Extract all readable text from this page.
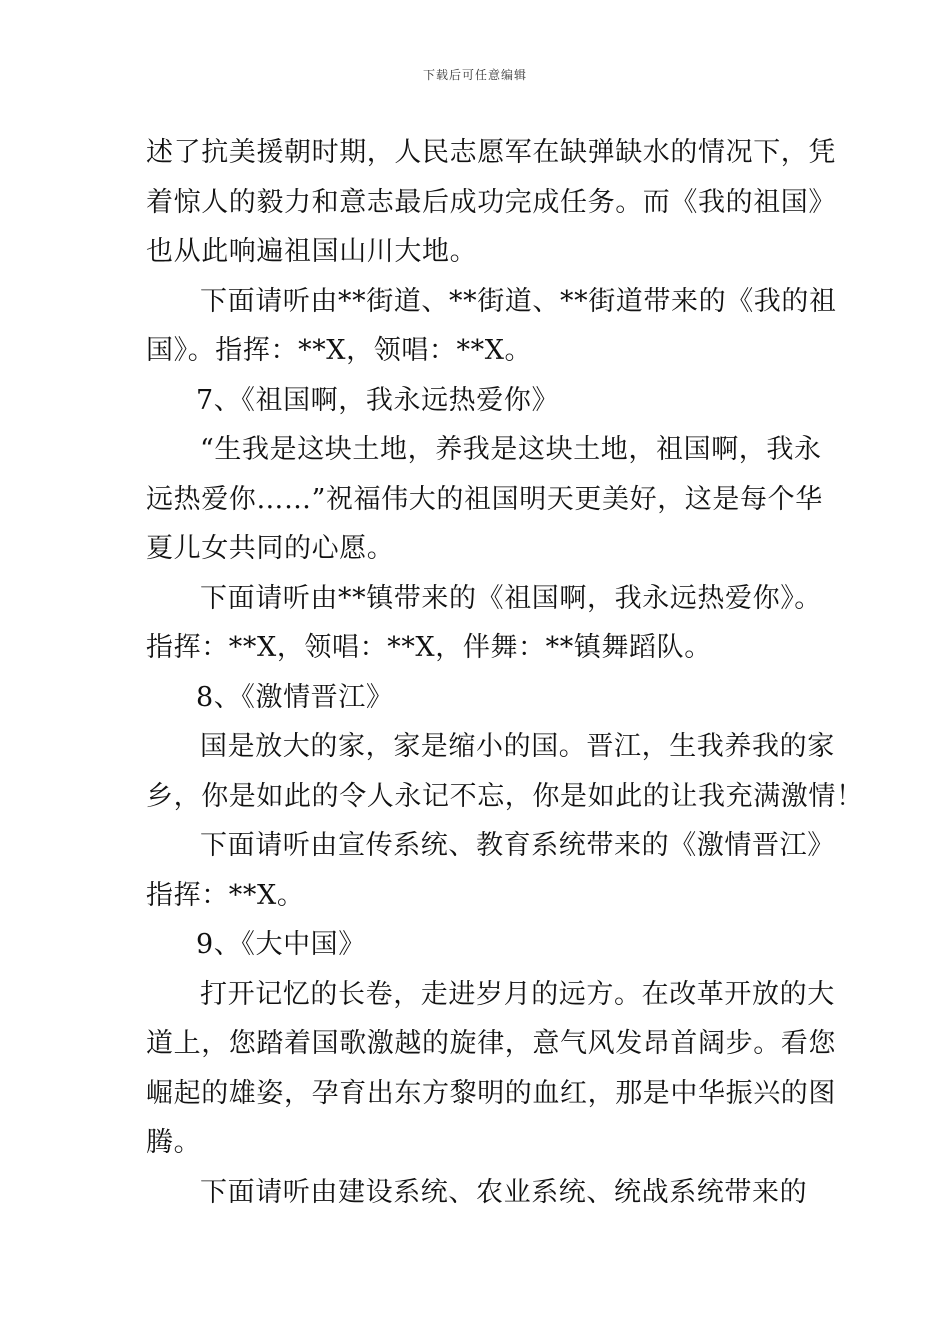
下载后可任意编辑
述了抗美援朝时期，人民志愿军在缺弹缺水的情况下，凭
着惊人的毅力和意志最后成功完成任务。而《我的祖国》
也从此响遍祖国山川大地。
下面请听由**街道、**街道、**街道带来的《我的祖
国》。指挥：**X，领唱：**X。
7、《祖国啊，我永远热爱你》
“生我是这块土地，养我是这块土地，祖国啊，我永
远热爱你……”祝福伟大的祖国明天更美好，这是每个华
夏儿女共同的心愿。
下面请听由**镇带来的《祖国啊，我永远热爱你》。
指挥：**X，领唱：**X，伴舞：**镇舞蹈队。
8、《激情晋江》
国是放大的家，家是缩小的国。晋江，生我养我的家
乡，你是如此的令人永记不忘，你是如此的让我充满激情！
下面请听由宣传系统、教育系统带来的《激情晋江》
指挥：**X。
9、《大中国》
打开记忆的长卷，走进岁月的远方。在改革开放的大
道上，您踏着国歌激越的旋律，意气风发昂首阔步。看您
崛起的雄姿，孕育出东方黎明的血红，那是中华振兴的图
腾。
下面请听由建设系统、农业系统、统战系统带来的
